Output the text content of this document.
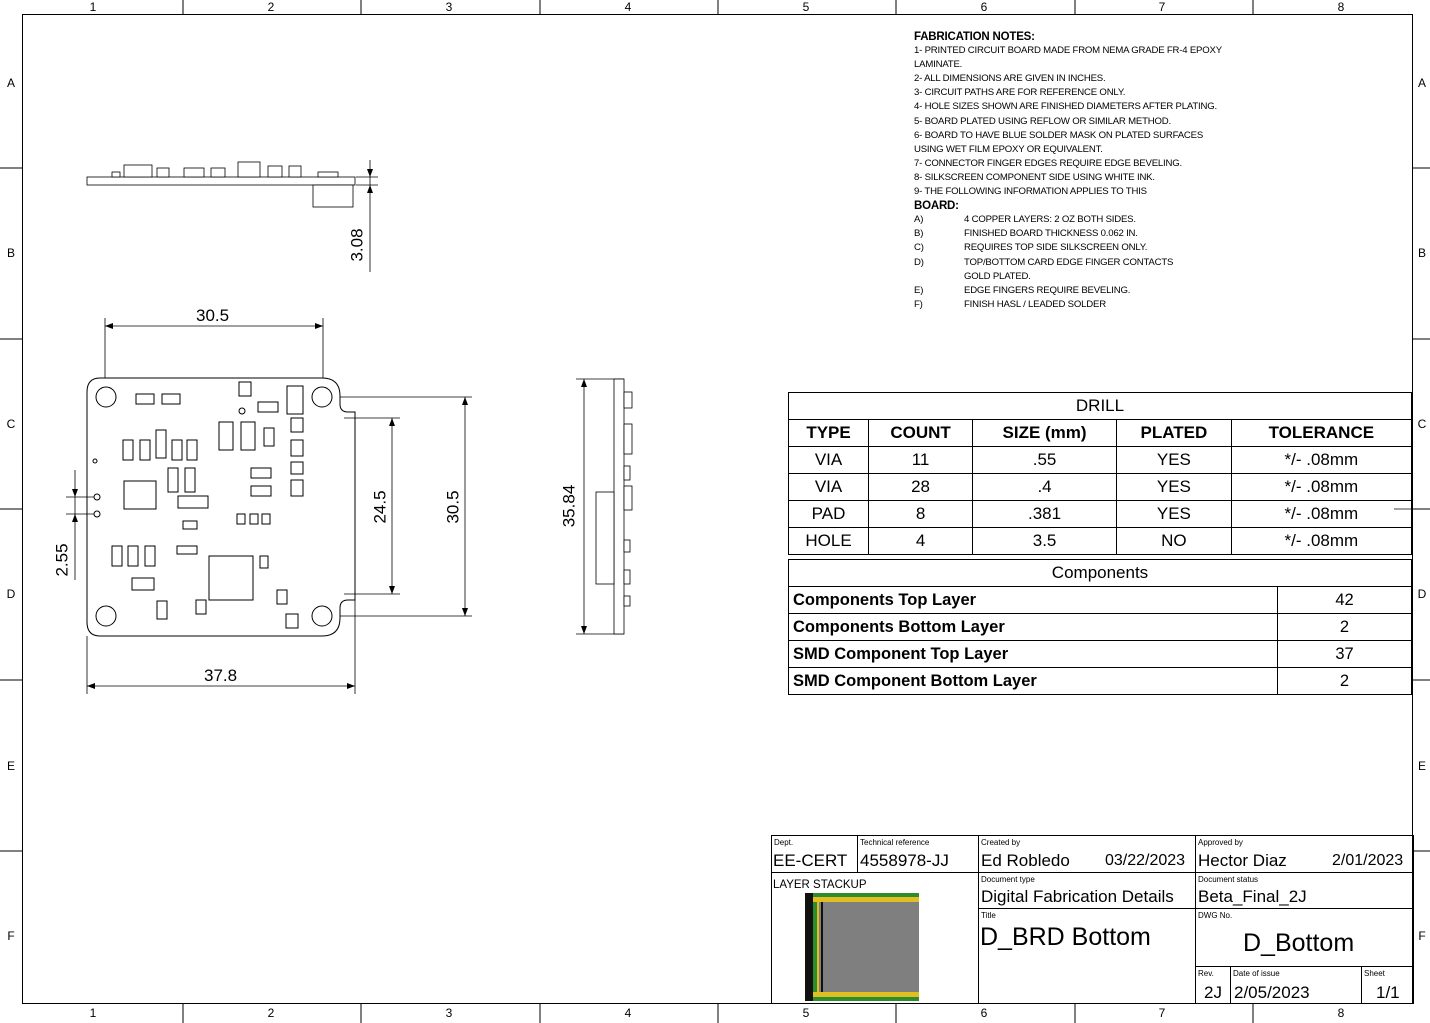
1	2	3	4	5	6	7	8
1	2	3	4	5	6	7	8
A
B
C
D
E
F
A
B
C
D
E
F
3.08
30.5
24.5	30.5
2.55
37.8
35.84
FABRICATION NOTES:
1- PRINTED CIRCUIT BOARD MADE FROM NEMA GRADE FR-4 EPOXY
LAMINATE.
2- ALL DIMENSIONS ARE GIVEN IN INCHES.
3- CIRCUIT PATHS ARE FOR REFERENCE ONLY.
4- HOLE SIZES SHOWN ARE FINISHED DIAMETERS AFTER PLATING.
5- BOARD PLATED USING REFLOW OR SIMILAR METHOD.
6- BOARD TO HAVE BLUE SOLDER MASK ON PLATED SURFACES
USING WET FILM EPOXY OR EQUIVALENT.
7- CONNECTOR FINGER EDGES REQUIRE EDGE BEVELING.
8- SILKSCREEN COMPONENT SIDE USING WHITE INK.
9- THE FOLLOWING INFORMATION APPLIES TO THIS
BOARD:
A)	4 COPPER LAYERS: 2 OZ BOTH SIDES.
B)	FINISHED BOARD THICKNESS 0.062 IN.
C)	REQUIRES TOP SIDE SILKSCREEN ONLY.
D)	TOP/BOTTOM CARD EDGE FINGER CONTACTS
GOLD PLATED.
E)	EDGE FINGERS REQUIRE BEVELING.
F)	FINISH HASL / LEADED SOLDER
DRILL				
TYPE	COUNT	SIZE (mm)	PLATED	TOLERANCE
VIA	11	.55	YES	*/- .08mm
VIA	28	.4	YES	*/- .08mm
PAD	8	.381	YES	*/- .08mm
HOLE	4	3.5	NO	*/- .08mm
Components	
Components Top Layer	42
Components Bottom Layer	2
SMD Component Top Layer	37
SMD Component Bottom Layer	2
Dept.
EE-CERT
Technical reference
4558978-JJ
Created by
Ed Robledo 03/22/2023
Approved by
Hector Diaz	2/01/2023
LAYER STACKUP	Document type
Digital Fabrication Details
Document status
Beta_Final_2J
Title
D_BRD Bottom
DWG No.
D_Bottom
Rev.
2J
Date of issue
2/05/2023
Sheet
1/1
